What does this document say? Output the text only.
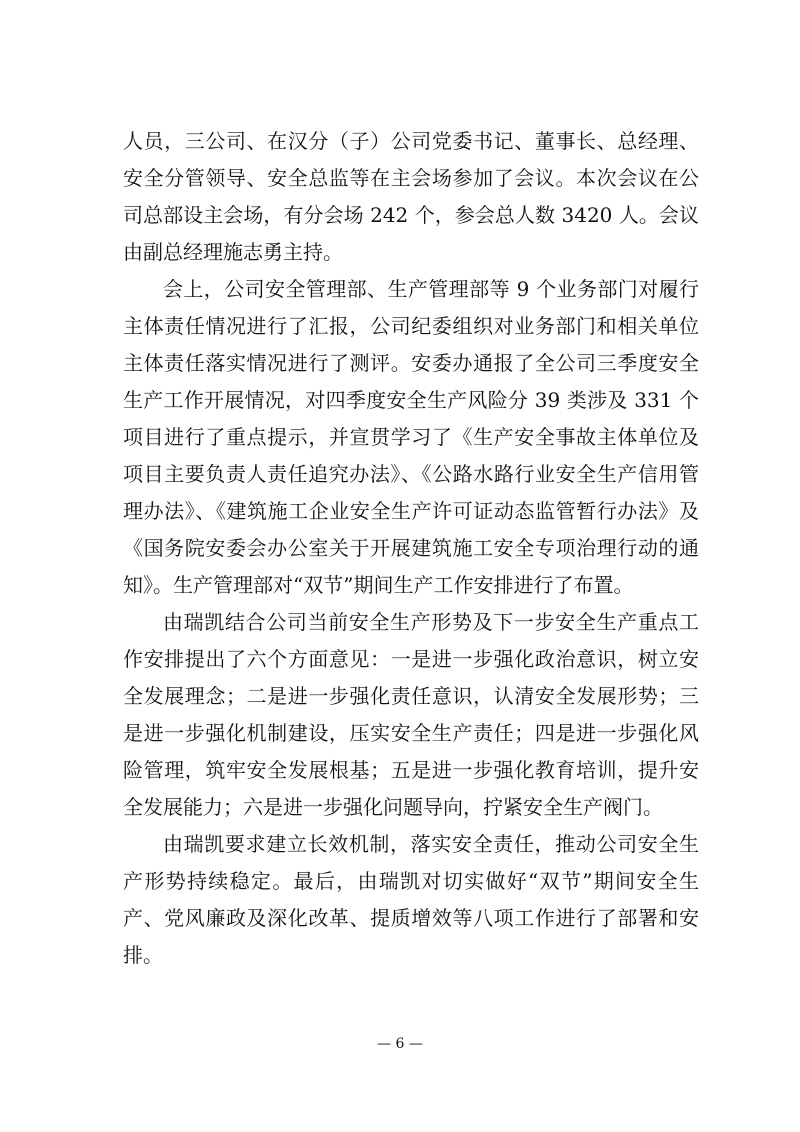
人员，三公司、在汉分（子）公司党委书记、董事长、总经理、安全分管领导、安全总监等在主会场参加了会议。本次会议在公司总部设主会场，有分会场 242 个，参会总人数 3420 人。会议由副总经理施志勇主持。

会上，公司安全管理部、生产管理部等 9 个业务部门对履行主体责任情况进行了汇报，公司纪委组织对业务部门和相关单位主体责任落实情况进行了测评。安委办通报了全公司三季度安全生产工作开展情况，对四季度安全生产风险分 39 类涉及 331 个项目进行了重点提示，并宣贯学习了《生产安全事故主体单位及项目主要负责人责任追究办法》、《公路水路行业安全生产信用管理办法》、《建筑施工企业安全生产许可证动态监管暂行办法》及《国务院安委会办公室关于开展建筑施工安全专项治理行动的通知》。生产管理部对“双节”期间生产工作安排进行了布置。

由瑞凯结合公司当前安全生产形势及下一步安全生产重点工作安排提出了六个方面意见：一是进一步强化政治意识，树立安全发展理念；二是进一步强化责任意识，认清安全发展形势；三是进一步强化机制建设，压实安全生产责任；四是进一步强化风险管理，筑牢安全发展根基；五是进一步强化教育培训，提升安全发展能力；六是进一步强化问题导向，拧紧安全生产阀门。

由瑞凯要求建立长效机制，落实安全责任，推动公司安全生产形势持续稳定。最后，由瑞凯对切实做好“双节”期间安全生产、党风廉政及深化改革、提质增效等八项工作进行了部署和安排。

— 6 —
